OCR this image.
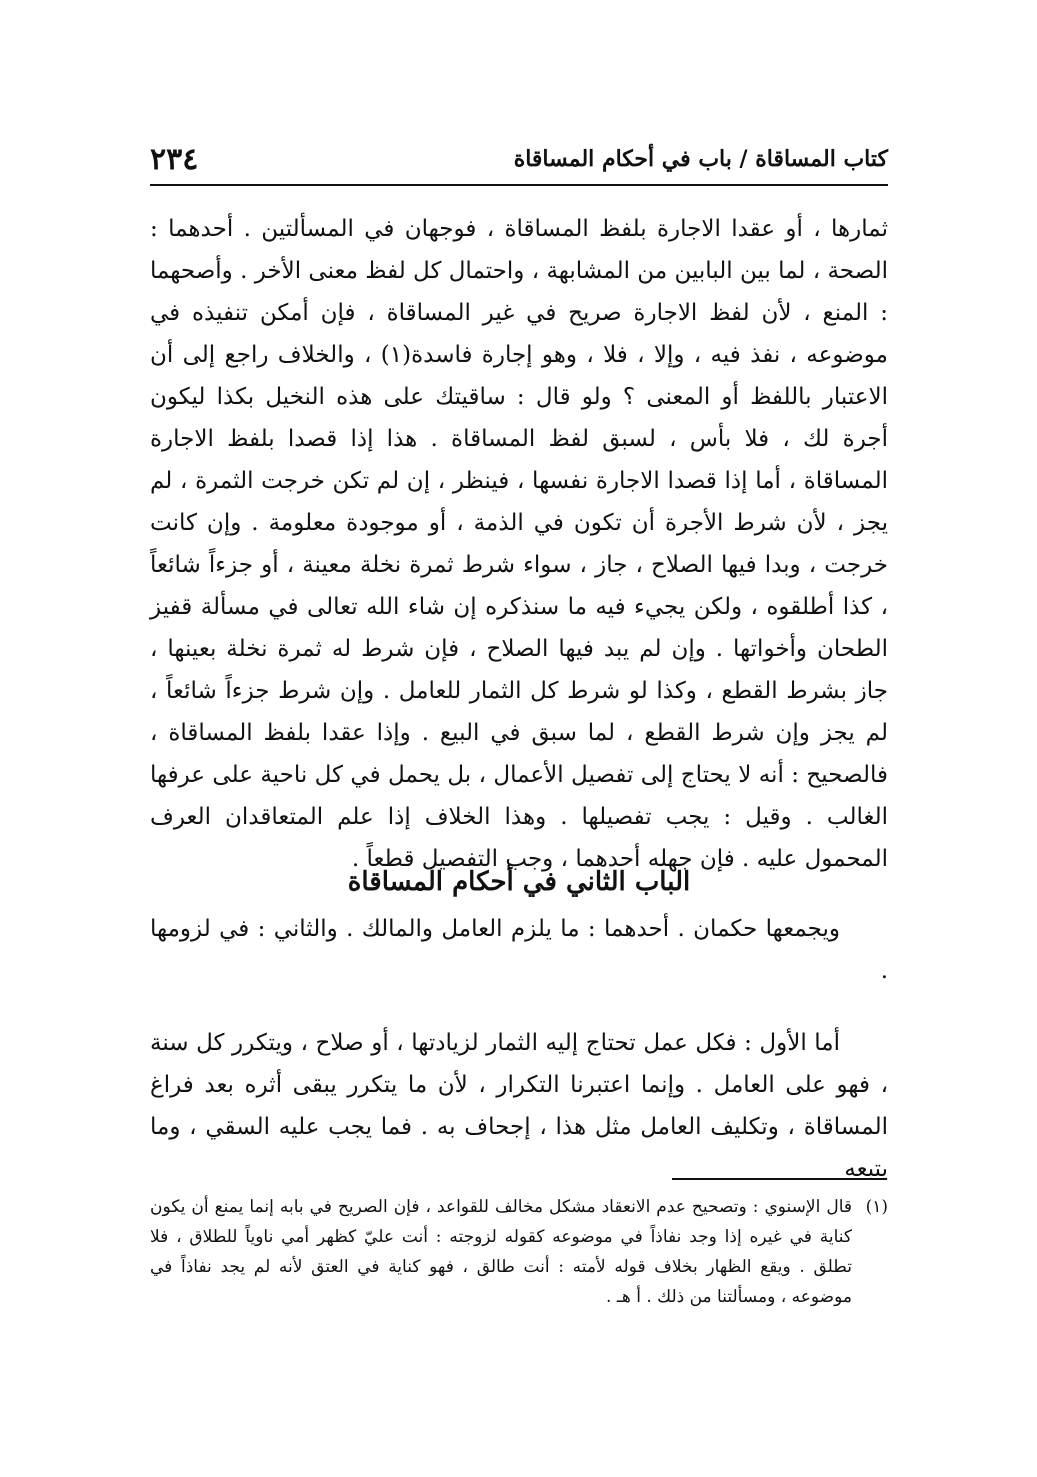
كتاب المساقاة / باب في أحكام المساقاة
٢٣٤

ثمارها ، أو عقدا الاجارة بلفظ المساقاة ، فوجهان في المسألتين . أحدهما : الصحة ، لما بين البابين من المشابهة ، واحتمال كل لفظ معنى الأخر . وأصحهما : المنع ، لأن لفظ الاجارة صريح في غير المساقاة ، فإن أمكن تنفيذه في موضوعه ، نفذ فيه ، وإلا ، فلا ، وهو إجارة فاسدة(١) ، والخلاف راجع إلى أن الاعتبار باللفظ أو المعنى ؟ ولو قال : ساقيتك على هذه النخيل بكذا ليكون أجرة لك ، فلا بأس ، لسبق لفظ المساقاة . هذا إذا قصدا بلفظ الاجارة المساقاة ، أما إذا قصدا الاجارة نفسها ، فينظر ، إن لم تكن خرجت الثمرة ، لم يجز ، لأن شرط الأجرة أن تكون في الذمة ، أو موجودة معلومة . وإن كانت خرجت ، وبدا فيها الصلاح ، جاز ، سواء شرط ثمرة نخلة معينة ، أو جزءاً شائعاً ، كذا أطلقوه ، ولكن يجيء فيه ما سنذكره إن شاء الله تعالى في مسألة قفيز الطحان وأخواتها . وإن لم يبد فيها الصلاح ، فإن شرط له ثمرة نخلة بعينها ، جاز بشرط القطع ، وكذا لو شرط كل الثمار للعامل . وإن شرط جزءاً شائعاً ، لم يجز وإن شرط القطع ، لما سبق في البيع . وإذا عقدا بلفظ المساقاة ، فالصحيح : أنه لا يحتاج إلى تفصيل الأعمال ، بل يحمل في كل ناحية على عرفها الغالب . وقيل : يجب تفصيلها . وهذا الخلاف إذا علم المتعاقدان العرف المحمول عليه . فإن جهله أحدهما ، وجب التفصيل قطعاً .

الباب الثاني في أحكام المساقاة

ويجمعها حكمان . أحدهما : ما يلزم العامل والمالك . والثاني : في لزومها .

أما الأول : فكل عمل تحتاج إليه الثمار لزيادتها ، أو صلاح ، ويتكرر كل سنة ، فهو على العامل . وإنما اعتبرنا التكرار ، لأن ما يتكرر يبقى أثره بعد فراغ المساقاة ، وتكليف العامل مثل هذا ، إجحاف به . فما يجب عليه السقي ، وما يتبعه

(١)قال الإسنوي : وتصحيح عدم الانعقاد مشكل مخالف للقواعد ، فإن الصريح في بابه إنما يمنع أن يكون كناية في غيره إذا وجد نفاذاً في موضوعه كقوله لزوجته : أنت عليّ كظهر أمي ناوياً للطلاق ، فلا تطلق . ويقع الظهار بخلاف قوله لأمته : أنت طالق ، فهو كناية في العتق لأنه لم يجد نفاذاً في موضوعه ، ومسألتنا من ذلك . أ هـ .
